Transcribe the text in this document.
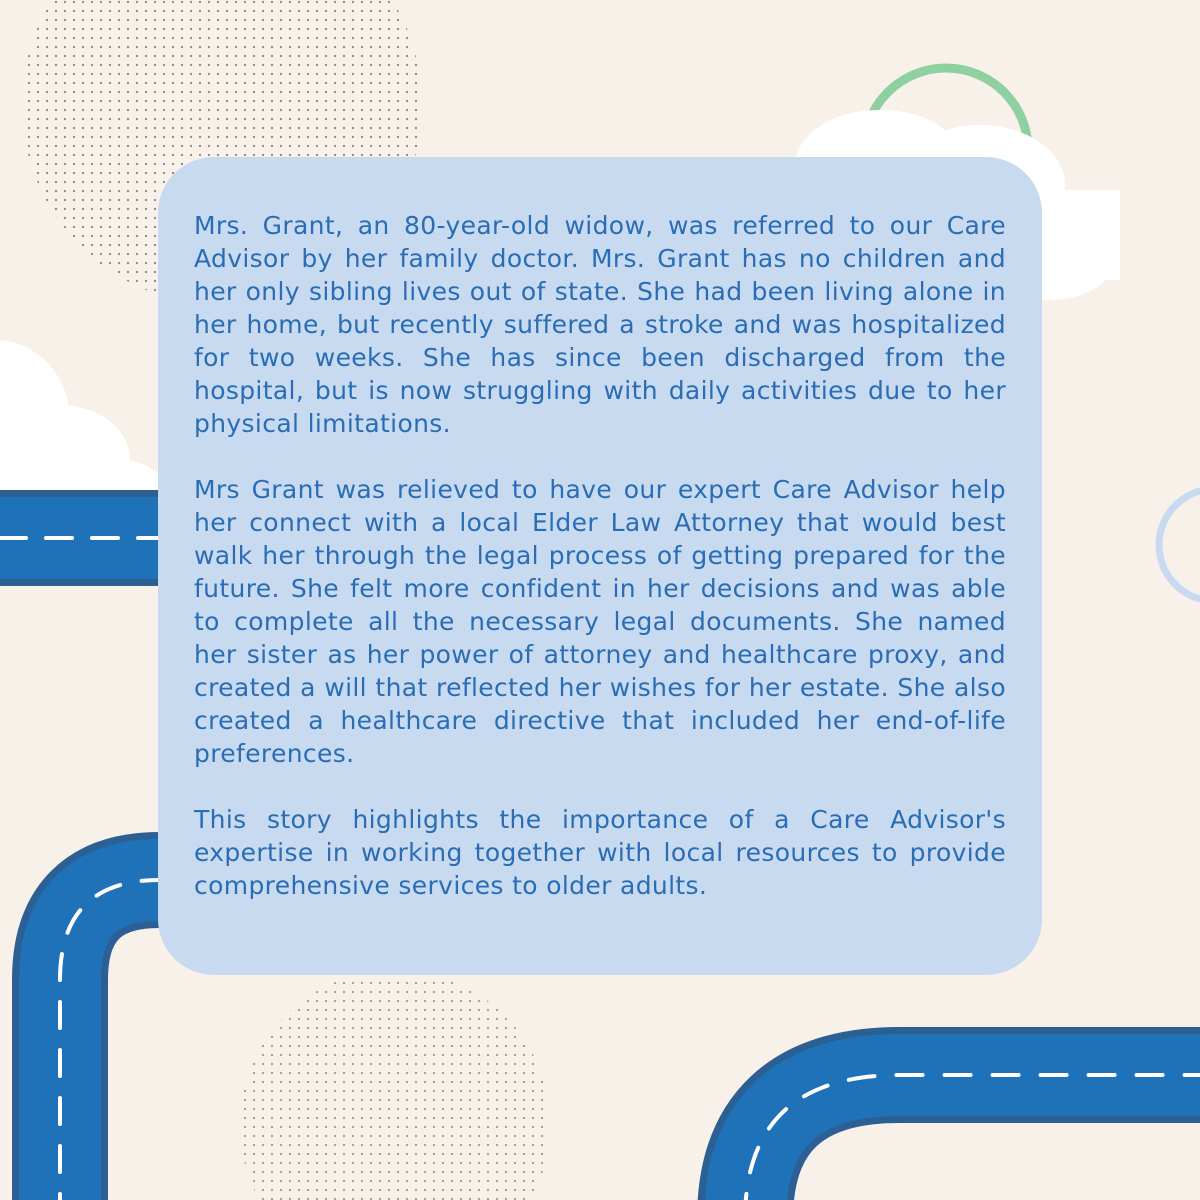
Mrs. Grant, an 80-year-old widow, was referred to our Care Advisor by her family doctor. Mrs. Grant has no children and her only sibling lives out of state. She had been living alone in her home, but recently suffered a stroke and was hospitalized for two weeks. She has since been discharged from the hospital, but is now struggling with daily activities due to her physical limitations.

Mrs Grant was relieved to have our expert Care Advisor help her connect with a local Elder Law Attorney that would best walk her through the legal process of getting prepared for the future. She felt more confident in her decisions and was able to complete all the necessary legal documents. She named her sister as her power of attorney and healthcare proxy, and created a will that reflected her wishes for her estate. She also created a healthcare directive that included her end-of-life preferences.

This story highlights the importance of a Care Advisor's expertise in working together with local resources to provide comprehensive services to older adults.
